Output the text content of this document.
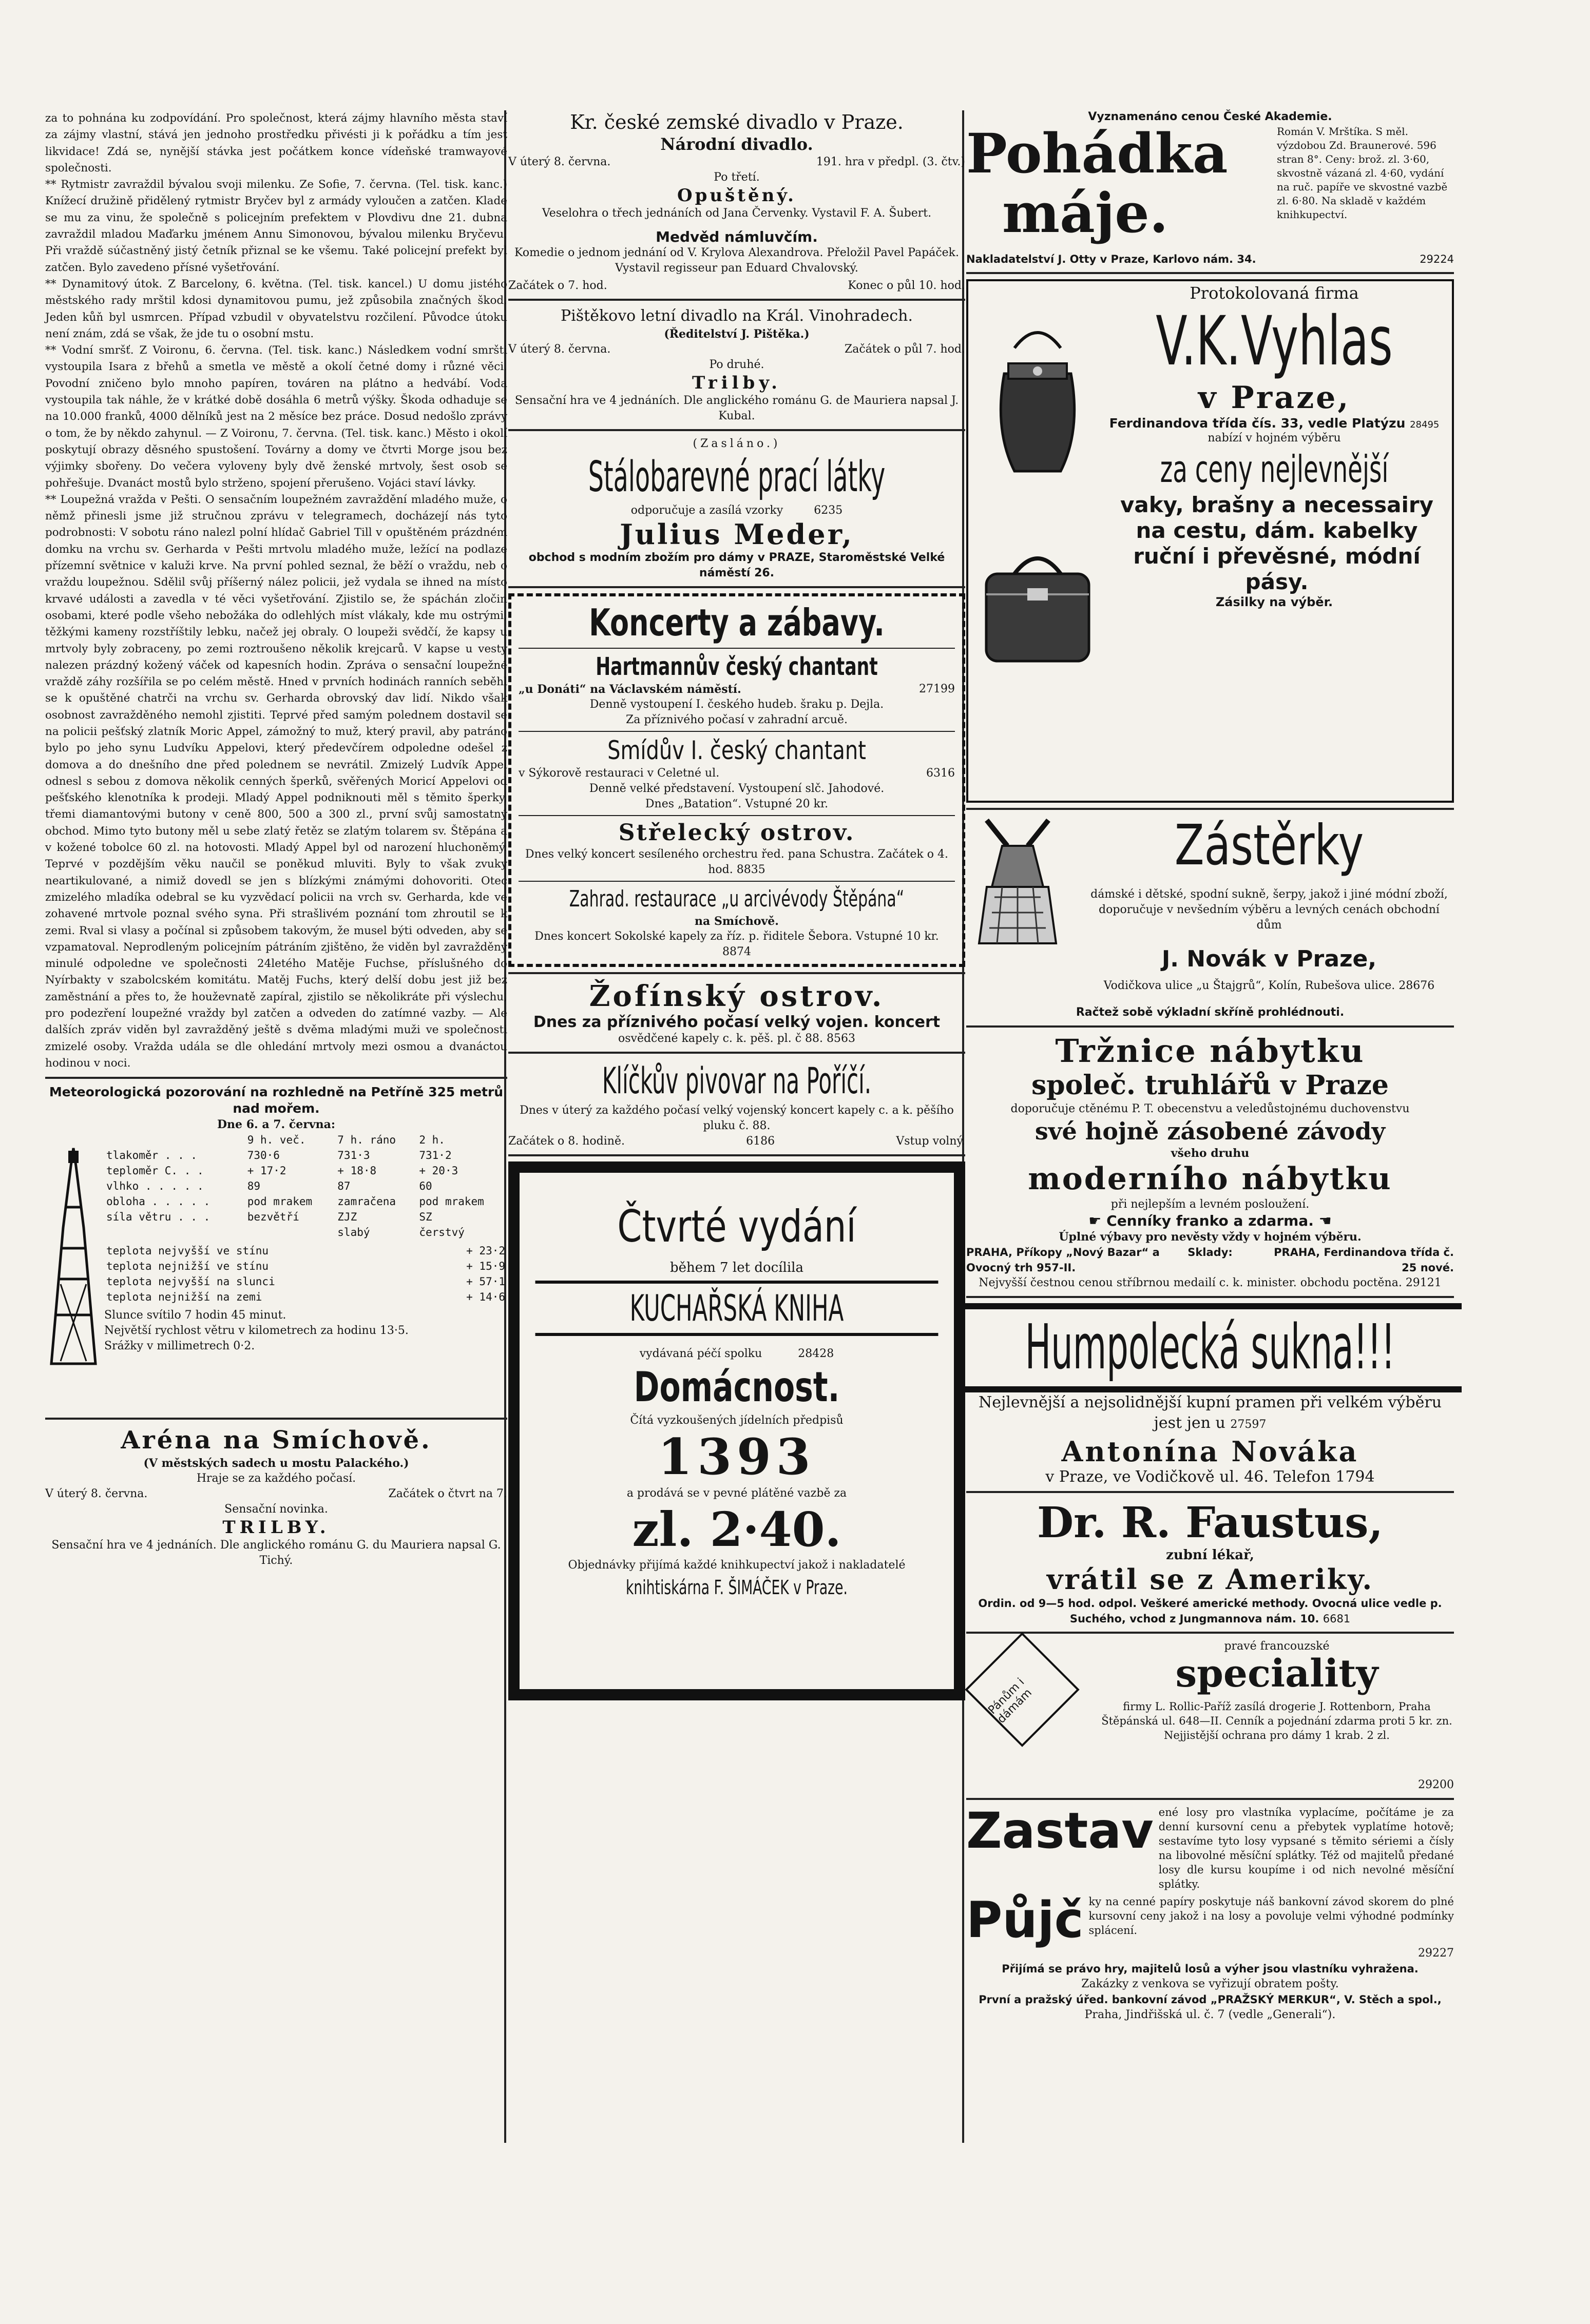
za to pohnána ku zodpovídání. Pro společnost, která zájmy hlavního města staví za zájmy vlastní, stává jen jednoho prostředku přivésti ji k pořádku a tím jest likvidace! Zdá se, nynější stávka jest počátkem konce vídeňské tramwayové společnosti.

** Rytmistr zavraždil bývalou svoji milenku. Ze Sofie, 7. června. (Tel. tisk. kanc.) Knížecí družině přidělený rytmistr Bryčev byl z armády vyloučen a zatčen. Klade se mu za vinu, že společně s policejním prefektem v Plovdivu dne 21. dubna zavraždil mladou Maďarku jménem Annu Simonovou, bývalou milenku Bryčevu. Při vraždě súčastněný jistý četník přiznal se ke všemu. Také policejní prefekt byl zatčen. Bylo zavedeno přísné vyšetřování.

** Dynamitový útok. Z Barcelony, 6. května. (Tel. tisk. kancel.) U domu jistého městského rady mrštil kdosi dynamitovou pumu, jež způsobila značných škod. Jeden kůň byl usmrcen. Případ vzbudil v obyvatelstvu rozčilení. Původce útoku není znám, zdá se však, že jde tu o osobní mstu.

** Vodní smršť. Z Voironu, 6. června. (Tel. tisk. kanc.) Následkem vodní smršti vystoupila Isara z břehů a smetla ve městě a okolí četné domy i různé věci. Povodní zničeno bylo mnoho papíren, továren na plátno a hedvábí. Voda vystoupila tak náhle, že v krátké době dosáhla 6 metrů výšky. Škoda odhaduje se na 10.000 franků, 4000 dělníků jest na 2 měsíce bez práce. Dosud nedošlo zprávy o tom, že by někdo zahynul. — Z Voironu, 7. června. (Tel. tisk. kanc.) Město i okolí poskytují obrazy děsného spustošení. Továrny a domy ve čtvrti Morge jsou bez výjimky sbořeny. Do večera vyloveny byly dvě ženské mrtvoly, šest osob se pohřešuje. Dvanáct mostů bylo strženo, spojení přerušeno. Vojáci staví lávky.

** Loupežná vražda v Pešti. O sensačním loupežném zavraždění mladého muže, o němž přinesli jsme již stručnou zprávu v telegramech, docházejí nás tyto podrobnosti: V sobotu ráno nalezl polní hlídač Gabriel Till v opuštěném prázdném domku na vrchu sv. Gerharda v Pešti mrtvolu mladého muže, ležící na podlaze přízemní světnice v kaluži krve. Na první pohled seznal, že běží o vraždu, neb o vraždu loupežnou. Sdělil svůj příšerný nález policii, jež vydala se ihned na místo krvavé události a zavedla v té věci vyšetřování. Zjistilo se, že spáchán zločin osobami, které podle všeho nebožáka do odlehlých míst vlákaly, kde mu ostrými, těžkými kameny rozstříštily lebku, načež jej obraly. O loupeži svědčí, že kapsy u mrtvoly byly zobraceny, po zemi roztroušeno několik krejcarů. V kapse u vesty nalezen prázdný kožený váček od kapesních hodin. Zpráva o sensační loupežné vraždě záhy rozšířila se po celém městě. Hned v prvních hodinách ranních seběhl se k opuštěné chatrči na vrchu sv. Gerharda obrovský dav lidí. Nikdo však osobnost zavražděného nemohl zjistiti. Teprvé před samým polednem dostavil se na policii pešťský zlatník Moric Appel, zámožný to muž, který pravil, aby patráno bylo po jeho synu Ludvíku Appelovi, který předevčírem odpoledne odešel z domova a do dnešního dne před polednem se nevrátil. Zmizelý Ludvík Appel odnesl s sebou z domova několik cenných šperků, svěřených Moricí Appelovi od pešťského klenotníka k prodeji. Mladý Appel podniknouti měl s těmito šperky, třemi diamantovými butony v ceně 800, 500 a 300 zl., první svůj samostatný obchod. Mimo tyto butony měl u sebe zlatý řetěz se zlatým tolarem sv. Štěpána a v kožené tobolce 60 zl. na hotovosti. Mladý Appel byl od narození hluchoněmý. Teprvé v pozdějším věku naučil se poněkud mluviti. Byly to však zvuky neartikulované, a nimiž dovedl se jen s blízkými známými dohovoriti. Otec zmizelého mladíka odebral se ku vyzvědací policii na vrch sv. Gerharda, kde ve zohavené mrtvole poznal svého syna. Při strašlivém poznání tom zhroutil se k zemi. Rval si vlasy a počínal si způsobem takovým, že musel býti odveden, aby se vzpamatoval. Neprodleným policejním pátráním zjištěno, že viděn byl zavražděný minulé odpoledne ve společnosti 24letého Matěje Fuchse, příslušného do Nyírbakty v szabolcském komitátu. Matěj Fuchs, který delší dobu jest již bez zaměstnání a přes to, že houževnatě zapíral, zjistilo se několikráte při výslechu, pro podezření loupežné vraždy byl zatčen a odveden do zatímné vazby. — Ale dalších zpráv viděn byl zavražděný ještě s dvěma mladými muži ve společnosti zmizelé osoby. Vražda udála se dle ohledání mrtvoly mezi osmou a dvanáctou hodinou v noci.

Meteorologická pozorování na rozhledně na Petříně 325 metrů nad mořem.
Dne 6. a 7. června:
	9 h. več.	7 h. ráno	2 h.
tlakoměr . . .	730·6	731·3	731·2
teploměr C. . .	+ 17·2	+ 18·8	+ 20·3
vlhko . . . . .	89	87	60
obloha . . . . .	pod mrakem	zamračena	pod mrakem
síla větru . . .	bezvětří	ZJZ	SZ
		slabý	čerstvý
teplota nejvyšší ve stínu	+ 23·2
teplota nejnižší ve stínu	+ 15·9
teplota nejvyšší na slunci	+ 57·1
teplota nejnižší na zemi	+ 14·6
Slunce svítilo 7 hodin 45 minut.
Největší rychlost větru v kilometrech za hodinu 13·5.
Srážky v millimetrech 0·2.
Aréna na Smíchově.
(V městských sadech u mostu Palackého.)
Hraje se za každého počasí.
V úterý 8. června.	Začátek o čtvrt na 7.
Sensační novinka.
TRILBY.
Sensační hra ve 4 jednáních. Dle anglického románu G. du Mauriera napsal G. Tichý.
Kr. české zemské divadlo v Praze.
Národní divadlo.
V úterý 8. června.	191. hra v předpl. (3. čtv.)
Po třetí.
Opuštěný.
Veselohra o třech jednáních od Jana Červenky. Vystavil F. A. Šubert.
Medvěd námluvčím.
Komedie o jednom jednání od V. Krylova Alexandrova. Přeložil Pavel Papáček. Vystavil regisseur pan Eduard Chvalovský.
Začátek o 7. hod.	Konec o půl 10. hod.
Pištěkovo letní divadlo na Král. Vinohradech.
(Ředitelství J. Pištěka.)
V úterý 8. června.	Začátek o půl 7. hod.
Po druhé.
Trilby.
Sensační hra ve 4 jednáních. Dle anglického románu G. de Mauriera napsal J. Kubal.
(Zasláno.)
Stálobarevné prací látky
odporučuje a zasílá vzorky	6235
Julius Meder,
obchod s modním zbožím pro dámy v PRAZE, Staroměstské Velké náměstí 26.
Koncerty a zábavy.
Hartmannův český chantant
„u Donáti“ na Václavském náměstí.	27199
Denně vystoupení I. českého hudeb. šraku p. Dejla.
Za příznivého počasí v zahradní arcuě.
Smídův I. český chantant
v Sýkorově restauraci v Celetné ul.	6316
Denně velké představení. Vystoupení slč. Jahodové.
Dnes „Batation“. Vstupné 20 kr.
Střelecký ostrov.
Dnes velký koncert sesíleného orchestru řed. pana Schustra. Začátek o 4. hod. 8835
Zahrad. restaurace „u arcivévody Štěpána“
na Smíchově.
Dnes koncert Sokolské kapely za říz. p. řiditele Šebora. Vstupné 10 kr. 8874
Žofínský ostrov.
Dnes za příznivého počasí velký vojen. koncert
osvědčené kapely c. k. pěš. pl. č 88. 8563
Klíčkův pivovar na Poříčí.
Dnes v úterý za každého počasí velký vojenský koncert kapely c. a k. pěšího pluku č. 88.
Začátek o 8. hodině.	6186	Vstup volný.
Čtvrté vydání
během 7 let docílila
KUCHAŘSKÁ KNIHA
vydávaná péčí spolku	28428
Domácnost.
Čítá vyzkoušených jídelních předpisů
1393
a prodává se v pevné plátěné vazbě za
zl. 2·40.
Objednávky přijímá každé knihkupectví jakož i nakladatelé
knihtiskárna F. ŠIMÁČEK v Praze.
Vyznamenáno cenou České Akademie.
Pohádka
máje.
Román V. Mrštíka. S měl. výzdobou Zd. Braunerové. 596 stran 8°. Ceny: brož. zl. 3·60, skvostně vázaná zl. 4·60, vydání na ruč. papíře ve skvostné vazbě zl. 6·80. Na skladě v každém knihkupectví.
Nakladatelství J. Otty v Praze, Karlovo nám. 34.	29224
Protokolovaná firma
V.K.Vyhlas
v Praze,
Ferdinandova třída čís. 33, vedle Platýzu 28495
nabízí v hojném výběru
za ceny nejlevnější
vaky, brašny a necessairy na cestu, dám. kabelky ruční i převěsné, módní pásy.
Zásilky na výběr.
Zástěrky
dámské i dětské, spodní sukně, šerpy, jakož i jiné módní zboží, doporučuje v nevšedním výběru a levných cenách obchodní dům
J. Novák v Praze,
Vodičkova ulice „u Štajgrů“, Kolín, Rubešova ulice. 28676
Račtež sobě výkladní skříně prohlédnouti.
Tržnice nábytku
společ. truhlářů v Praze
doporučuje ctěnému P. T. obecenstvu a veledůstojnému duchovenstvu
své hojně zásobené závody
všeho druhu
moderního nábytku
při nejlepším a levném posloužení.
☛ Cenníky franko a zdarma. ☚
Úplné výbavy pro nevěsty vždy v hojném výběru.
PRAHA, Příkopy „Nový Bazar“ a Ovocný trh 957-II.
Sklady:	PRAHA, Ferdinandova třída č. 25 nové.
Nejvyšší čestnou cenou stříbrnou medailí c. k. minister. obchodu poctěna. 29121
Humpolecká sukna!!!
Nejlevnější a nejsolidnější kupní pramen při velkém výběru jest jen u 27597
Antonína Nováka
v Praze, ve Vodičkově ul. 46. Telefon 1794
Dr. R. Faustus,
zubní lékař,
vrátil se z Ameriky.
Ordin. od 9—5 hod. odpol. Veškeré americké methody. Ovocná ulice vedle p. Suchého, vchod z Jungmannova nám. 10. 6681
Pánům i dámám
pravé francouzské
speciality
firmy L. Rollic-Paříž zasílá drogerie J. Rottenborn, Praha Štěpánská ul. 648—II. Cenník a pojednání zdarma proti 5 kr. zn. Nejjistější ochrana pro dámy 1 krab. 2 zl.
29200
Zastav ené losy pro vlastníka vyplacíme, počítáme je za denní kursovní cenu a přebytek vyplatíme hotově; sestavíme tyto losy vypsané s těmito sériemi a čísly na libovolné měsíční splátky. Též od majitelů předané losy dle kursu koupíme i od nich nevolné měsíční splátky.
Půjč ky na cenné papíry poskytuje náš bankovní závod skorem do plné kursovní ceny jakož i na losy a povoluje velmi výhodné podmínky splácení.
29227
Přijímá se právo hry, majitelů losů a výher jsou vlastníku vyhražena.
Zakázky z venkova se vyřizují obratem pošty.
První a pražský úřed. bankovní závod „PRAŽSKÝ MERKUR“, V. Stěch a spol.,
Praha, Jindřišská ul. č. 7 (vedle „Generali“).
